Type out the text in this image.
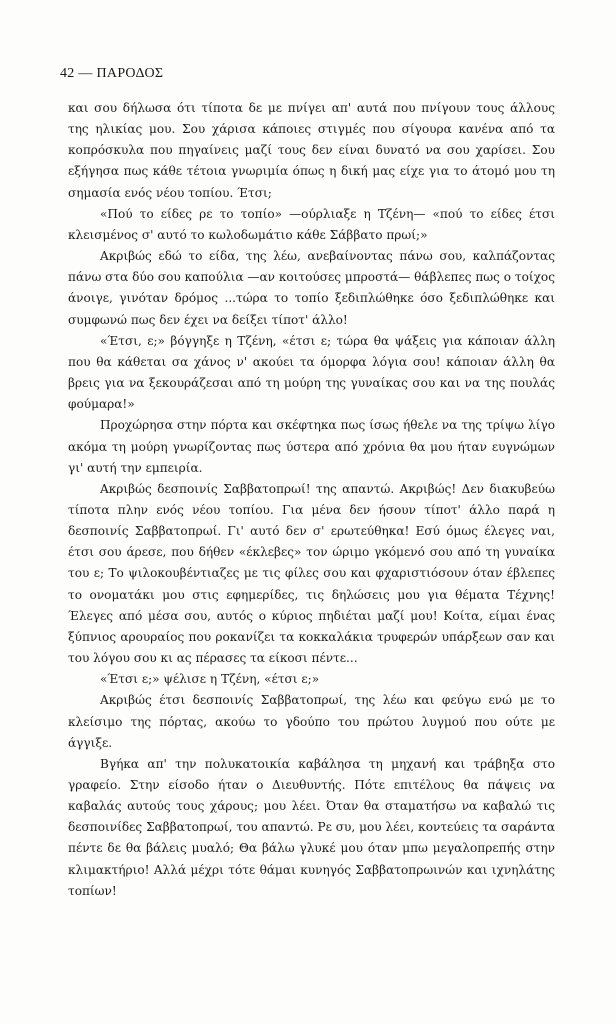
42 — ΠΑΡΟΔΟΣ

και σου δήλωσα ότι τίποτα δε με πνίγει απ' αυτά που πνίγουν τους άλλους της ηλικίας μου. Σου χάρισα κάποιες στιγμές που σίγουρα κανένα από τα κοπρόσκυλα που πηγαίνεις μαζί τους δεν είναι δυνατό να σου χαρίσει. Σου εξήγησα πως κάθε τέτοια γνωριμία όπως η δική μας είχε για το άτομό μου τη σημασία ενός νέου τοπίου. Έτσι;

«Πού το είδες ρε το τοπίο» —ούρλιαξε η Τζένη— «πού το είδες έτσι κλεισμένος σ' αυτό το κωλοδωμάτιο κάθε Σάββατο πρωί;»

Ακριβώς εδώ το είδα, της λέω, ανεβαίνοντας πάνω σου, καλπάζοντας πάνω στα δύο σου καπούλια —αν κοιτούσες μπροστά— θάβλεπες πως ο τοίχος άνοιγε, γινόταν δρόμος ...τώρα το τοπίο ξεδιπλώθηκε όσο ξεδιπλώθηκε και συμφωνώ πως δεν έχει να δείξει τίποτ' άλλο!

«Έτσι, ε;» βόγγηξε η Τζένη, «έτσι ε; τώρα θα ψάξεις για κάποιαν άλλη που θα κάθεται σα χάνος ν' ακούει τα όμορφα λόγια σου! κάποιαν άλλη θα βρεις για να ξεκουράζεσαι από τη μούρη της γυναίκας σου και να της πουλάς φούμαρα!»

Προχώρησα στην πόρτα και σκέφτηκα πως ίσως ήθελε να της τρίψω λίγο ακόμα τη μούρη γνωρίζοντας πως ύστερα από χρόνια θα μου ήταν ευγνώμων γι' αυτή την εμπειρία.

Ακριβώς δεσποινίς Σαββατοπρωί! της απαντώ. Ακριβώς! Δεν διακυβεύω τίποτα πλην ενός νέου τοπίου. Για μένα δεν ήσουν τίποτ' άλλο παρά η δεσποινίς Σαββατοπρωί. Γι' αυτό δεν σ' ερωτεύθηκα! Εσύ όμως έλεγες ναι, έτσι σου άρεσε, που δήθεν «έκλεβες» τον ώριμο γκόμενό σου από τη γυναίκα του ε; Το ψιλοκουβέντιαζες με τις φίλες σου και φχαριστιόσουν όταν έβλεπες το ονοματάκι μου στις εφημερίδες, τις δηλώσεις μου για θέματα Τέχνης! Έλεγες από μέσα σου, αυτός ο κύριος πηδιέται μαζί μου! Κοίτα, είμαι ένας ξύπνιος αρουραίος που ροκανίζει τα κοκκαλάκια τρυφερών υπάρξεων σαν και του λόγου σου κι ας πέρασες τα είκοσι πέντε...

«Έτσι ε;» ψέλισε η Τζένη, «έτσι ε;»

Ακριβώς έτσι δεσποινίς Σαββατοπρωί, της λέω και φεύγω ενώ με το κλείσιμο της πόρτας, ακούω το γδούπο του πρώτου λυγμού που ούτε με άγγιξε.

Βγήκα απ' την πολυκατοικία καβάλησα τη μηχανή και τράβηξα στο γραφείο. Στην είσοδο ήταν ο Διευθυντής. Πότε επιτέλους θα πάψεις να καβαλάς αυτούς τους χάρους; μου λέει. Όταν θα σταματήσω να καβαλώ τις δεσποινίδες Σαββατοπρωί, του απαντώ. Ρε συ, μου λέει, κοντεύεις τα σαράντα πέντε δε θα βάλεις μυαλό; Θα βάλω γλυκέ μου όταν μπω μεγαλοπρεπής στην κλιμακτήριο! Αλλά μέχρι τότε θάμαι κυνηγός Σαββατοπρωινών και ιχνηλάτης τοπίων!
